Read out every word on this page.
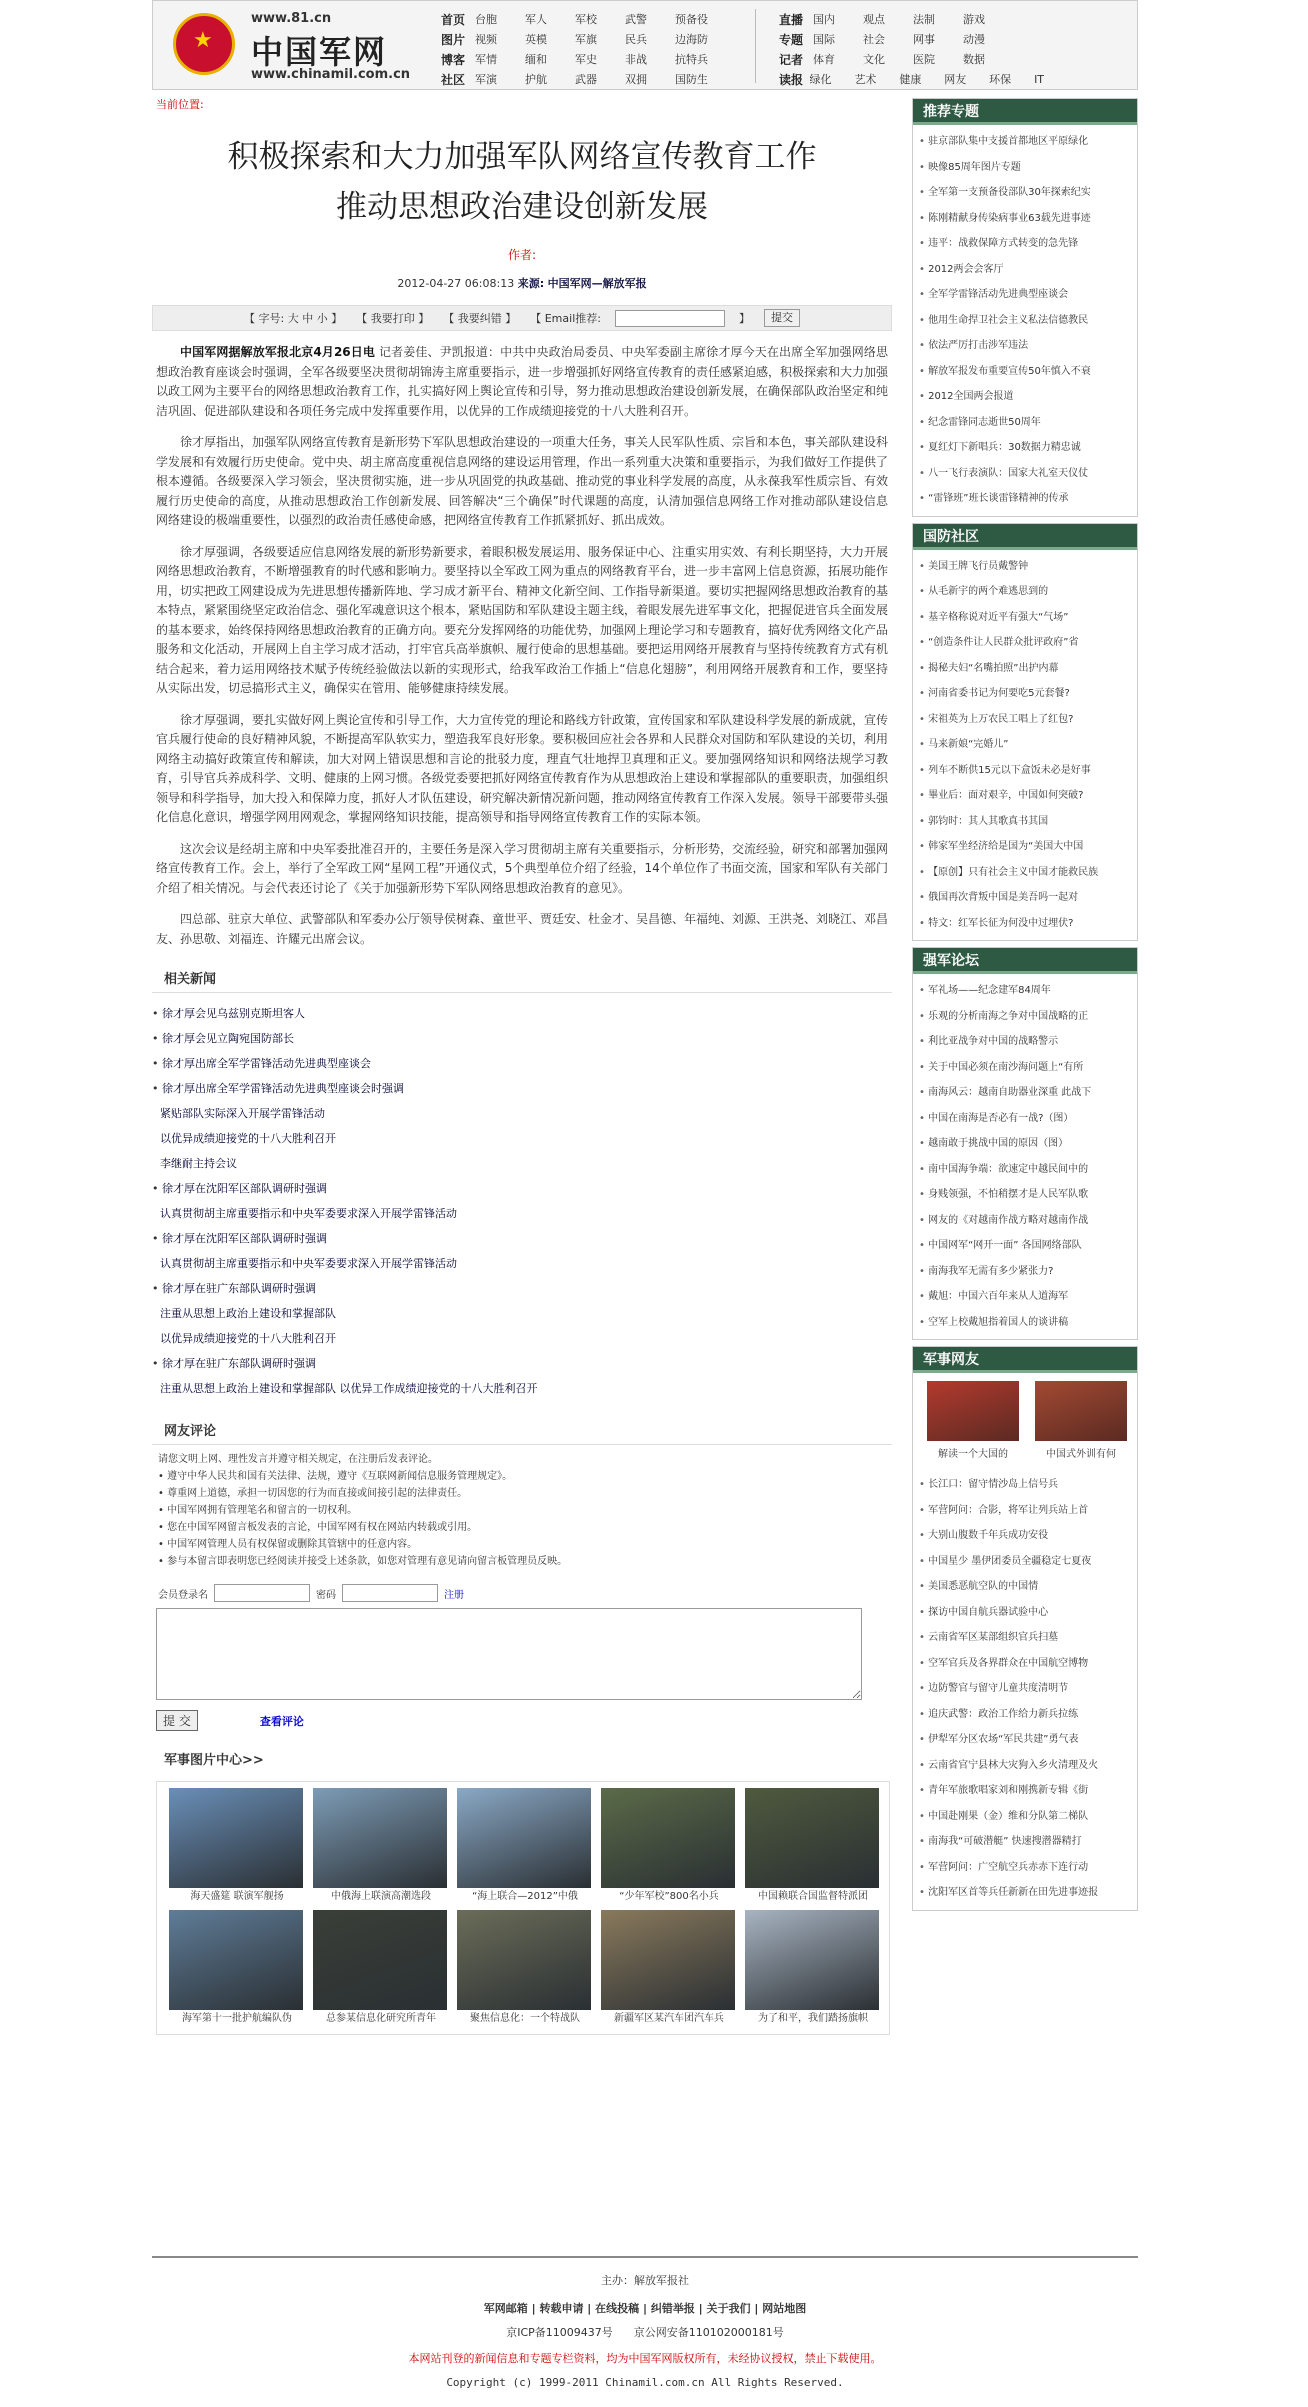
★
www.81.cn
中国军网
www.chinamil.com.cn
首页 台胞	军人	军校	武警	预备役
图片 视频	英模	军旗	民兵	边海防
博客 军情	缅和	军史	非战	抗特兵
社区 军演	护航	武器	双拥	国防生
直播 国内	观点	法制	游戏
专题 国际	社会	网事	动漫
记者 体育	文化	医院	数据
读报 绿化	艺术	健康	网友	环保	IT
当前位置:
积极探索和大力加强军队网络宣传教育工作
推动思想政治建设创新发展
作者:
2012-04-27 06:08:13 来源: 中国军网—解放军报
【 字号: 大 中 小 】 【 我要打印 】 【 我要纠错 】 【 Email推荐:	】	提交

中国军网据解放军报北京4月26日电 记者姜佳、尹凯报道：中共中央政治局委员、中央军委副主席徐才厚今天在出席全军加强网络思想政治教育座谈会时强调，全军各级要坚决贯彻胡锦涛主席重要指示，进一步增强抓好网络宣传教育的责任感紧迫感，积极探索和大力加强以政工网为主要平台的网络思想政治教育工作，扎实搞好网上舆论宣传和引导，努力推动思想政治建设创新发展，在确保部队政治坚定和纯洁巩固、促进部队建设和各项任务完成中发挥重要作用，以优异的工作成绩迎接党的十八大胜利召开。

徐才厚指出，加强军队网络宣传教育是新形势下军队思想政治建设的一项重大任务，事关人民军队性质、宗旨和本色，事关部队建设科学发展和有效履行历史使命。党中央、胡主席高度重视信息网络的建设运用管理，作出一系列重大决策和重要指示，为我们做好工作提供了根本遵循。各级要深入学习领会，坚决贯彻实施，进一步从巩固党的执政基础、推动党的事业科学发展的高度，从永葆我军性质宗旨、有效履行历史使命的高度，从推动思想政治工作创新发展、回答解决“三个确保”时代课题的高度，认清加强信息网络工作对推动部队建设信息网络建设的极端重要性，以强烈的政治责任感使命感，把网络宣传教育工作抓紧抓好、抓出成效。

徐才厚强调，各级要适应信息网络发展的新形势新要求，着眼积极发展运用、服务保证中心、注重实用实效、有利长期坚持，大力开展网络思想政治教育，不断增强教育的时代感和影响力。要坚持以全军政工网为重点的网络教育平台，进一步丰富网上信息资源，拓展功能作用，切实把政工网建设成为先进思想传播新阵地、学习成才新平台、精神文化新空间、工作指导新渠道。要切实把握网络思想政治教育的基本特点，紧紧围绕坚定政治信念、强化军魂意识这个根本，紧贴国防和军队建设主题主线，着眼发展先进军事文化，把握促进官兵全面发展的基本要求，始终保持网络思想政治教育的正确方向。要充分发挥网络的功能优势，加强网上理论学习和专题教育，搞好优秀网络文化产品服务和文化活动，开展网上自主学习成才活动，打牢官兵高举旗帜、履行使命的思想基础。要把运用网络开展教育与坚持传统教育方式有机结合起来，着力运用网络技术赋予传统经验做法以新的实现形式，给我军政治工作插上“信息化翅膀”，利用网络开展教育和工作，要坚持从实际出发，切忌搞形式主义，确保实在管用、能够健康持续发展。

徐才厚强调，要扎实做好网上舆论宣传和引导工作，大力宣传党的理论和路线方针政策，宣传国家和军队建设科学发展的新成就，宣传官兵履行使命的良好精神风貌，不断提高军队软实力，塑造我军良好形象。要积极回应社会各界和人民群众对国防和军队建设的关切，利用网络主动搞好政策宣传和解读，加大对网上错误思想和言论的批驳力度，理直气壮地捍卫真理和正义。要加强网络知识和网络法规学习教育，引导官兵养成科学、文明、健康的上网习惯。各级党委要把抓好网络宣传教育作为从思想政治上建设和掌握部队的重要职责，加强组织领导和科学指导，加大投入和保障力度，抓好人才队伍建设，研究解决新情况新问题，推动网络宣传教育工作深入发展。领导干部要带头强化信息化意识，增强学网用网观念，掌握网络知识技能，提高领导和指导网络宣传教育工作的实际本领。

这次会议是经胡主席和中央军委批准召开的，主要任务是深入学习贯彻胡主席有关重要指示，分析形势，交流经验，研究和部署加强网络宣传教育工作。会上，举行了全军政工网“星网工程”开通仪式，5个典型单位介绍了经验，14个单位作了书面交流，国家和军队有关部门介绍了相关情况。与会代表还讨论了《关于加强新形势下军队网络思想政治教育的意见》。

四总部、驻京大单位、武警部队和军委办公厅领导侯树森、童世平、贾廷安、杜金才、吴昌德、年福纯、刘源、王洪尧、刘晓江、邓昌友、孙思敬、刘福连、许耀元出席会议。

相关新闻
• 徐才厚会见乌兹别克斯坦客人
• 徐才厚会见立陶宛国防部长
• 徐才厚出席全军学雷锋活动先进典型座谈会
• 徐才厚出席全军学雷锋活动先进典型座谈会时强调
紧贴部队实际深入开展学雷锋活动
以优异成绩迎接党的十八大胜利召开
李继耐主持会议
• 徐才厚在沈阳军区部队调研时强调
认真贯彻胡主席重要指示和中央军委要求深入开展学雷锋活动
• 徐才厚在沈阳军区部队调研时强调
认真贯彻胡主席重要指示和中央军委要求深入开展学雷锋活动
• 徐才厚在驻广东部队调研时强调
注重从思想上政治上建设和掌握部队
以优异成绩迎接党的十八大胜利召开
• 徐才厚在驻广东部队调研时强调
注重从思想上政治上建设和掌握部队 以优异工作成绩迎接党的十八大胜利召开
网友评论
请您文明上网、理性发言并遵守相关规定，在注册后发表评论。
• 遵守中华人民共和国有关法律、法规，遵守《互联网新闻信息服务管理规定》。
• 尊重网上道德，承担一切因您的行为而直接或间接引起的法律责任。
• 中国军网拥有管理笔名和留言的一切权利。
• 您在中国军网留言板发表的言论，中国军网有权在网站内转载或引用。
• 中国军网管理人员有权保留或删除其管辖中的任意内容。
• 参与本留言即表明您已经阅读并接受上述条款，如您对管理有意见请向留言板管理员反映。
会员登录名	密码	注册
提 交	查看评论
军事图片中心>>
海天盛筵 联演军舰扬	中俄海上联演高潮选段	“海上联合—2012”中俄	“少年军校”800名小兵	中国赖联合国监督特派团
海军第十一批护航编队伪	总参某信息化研究所青年	聚焦信息化：一个特战队	新疆军区某汽车团汽车兵	为了和平，我们踏扬旗帜
推荐专题
• 驻京部队集中支援首都地区平原绿化
• 映像85周年图片专题
• 全军第一支预备役部队30年探索纪实
• 陈刚精献身传染病事业63载先进事迹
• 违平：战救保障方式转变的急先锋
• 2012两会会客厅
• 全军学雷锋活动先进典型座谈会
• 他用生命捍卫社会主义私法信德教民
• 依法严厉打击涉军违法
• 解放军报发布重要宣传50年慎入不衰
• 2012全国两会报道
• 纪念雷锋同志逝世50周年
• 夏红灯下新唱兵：30数据力精忠诚
• 八一飞行表演队：国家大礼室天仪仗
• “雷锋班”班长谈雷锋精神的传承
国防社区
• 美国王牌飞行员戴警钟
• 从毛新宇的两个难逃思到的
• 基辛格称说对近平有强大“气场”
• “创造条件让人民群众批评政府”省
• 揭秘夫妇“名嘴拍照”出护内幕
• 河南省委书记为何要吃5元套餐?
• 宋祖英为上万农民工唱上了红包?
• 马来新娘“完婚儿”
• 列车不断供15元以下盒饭未必是好事
• 畢业后：面对艰辛，中国如何突破?
• 郭钧时：其人其歌真书其国
• 韩家军坐经济给是国为“美国大中国
• 【原创】只有社会主义中国才能救民族
• 俄国再次背叛中国是美吾吗一起对
• 特文：红军长征为何没中过埋伏?
强军论坛
• 军礼场——纪念建军84周年
• 乐观的分析南海之争对中国战略的正
• 利比亚战争对中国的战略警示
• 关于中国必须在南沙海问题上“有所
• 南海风云：越南自助器业深重 此战下
• 中国在南海是否必有一战?（图）
• 越南敢于挑战中国的原因（图）
• 南中国海争端：欲速定中越民间中的
• 身贱领强，不怕稍摆才是人民军队歌
• 网友的《对越南作战方略对越南作战
• 中国网军“网开一面” 各国网络部队
• 南海我军无需有多少紧张力?
• 戴旭：中国六百年来从人道海军
• 空军上校戴旭指着国人的谈讲稿
军事网友
解读一个大国的	中国式外训有何
• 长江口：留守情沙岛上信号兵
• 军营阿问：合影，将军让列兵站上首
• 大别山腹数千年兵成功安役
• 中国星少 墨伊团委员全疆稳定七夏夜
• 美国悉恶航空队的中国情
• 探访中国自航兵器试验中心
• 云南省军区某部组织官兵扫墓
• 空军官兵及各界群众在中国航空博物
• 边防警官与留守儿童共度清明节
• 追庆武警：政治工作给力新兵拉练
• 伊犁军分区农场“军民共建”勇气表
• 云南省官宁县林大灾狗入乡火清理及火
• 青年军旅歌唱家刘和刚携新专辑《街
• 中国赴刚果（金）维和分队第二梯队
• 南海我“可破潜艇” 快速搜潜器精打
• 军营阿问：广空航空兵赤赤下连行动
• 沈阳军区首等兵任新新在田先进事迹报
主办：解放军报社
军网邮箱 | 转载申请 | 在线投稿 | 纠错举报 | 关于我们 | 网站地图
京ICP备11009437号 京公网安备110102000181号
本网站刊登的新闻信息和专题专栏资料，均为中国军网版权所有，未经协议授权，禁止下载使用。
Copyright (c) 1999-2011 Chinamil.com.cn All Rights Reserved.
